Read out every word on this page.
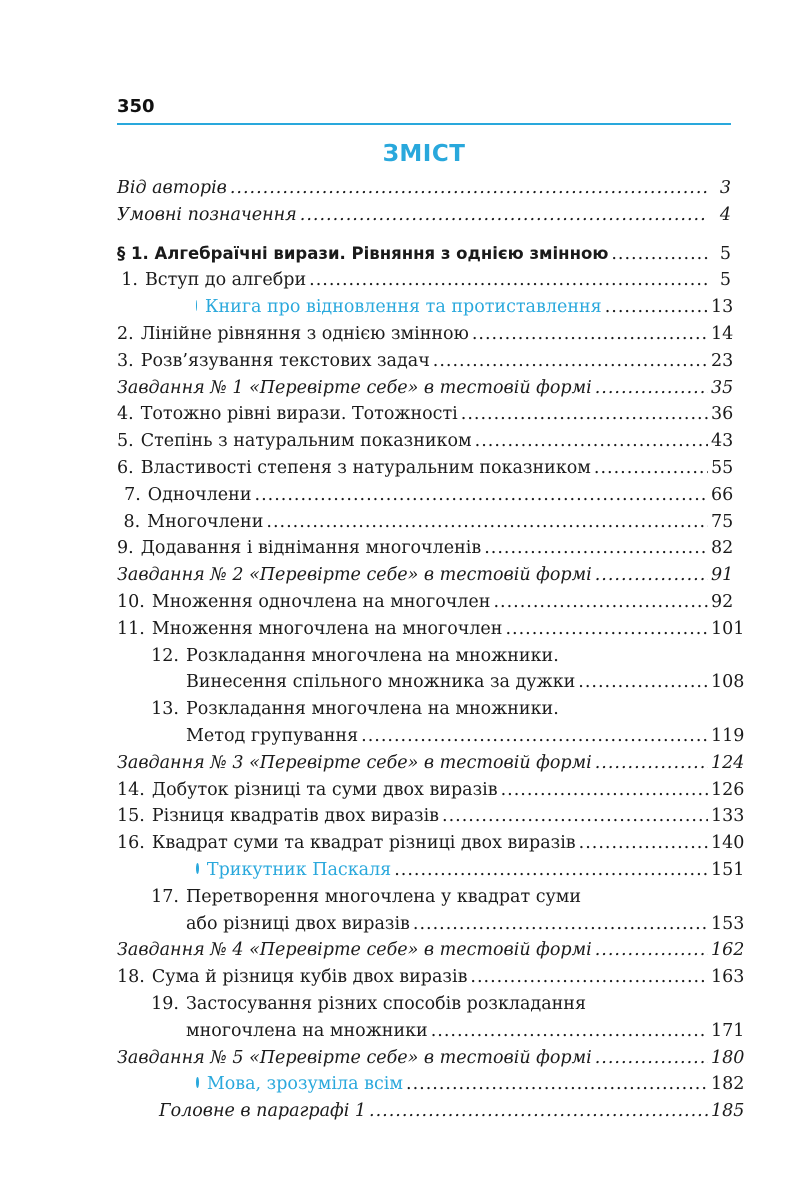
350
ЗМІСТ
Від авторів .....	3
Умовні позначення .....	4
§ 1. Алгебраїчні вирази. Рівняння з однією змінною .....	5
1. Вступ до алгебри .....	5
Книга про відновлення та протиставлення .....	13
2. Лінійне рівняння з однією змінною .....	14
3. Розв’язування текстових задач .....	23
Завдання № 1 «Перевірте себе» в тестовій формі .....	35
4. Тотожно рівні вирази. Тотожності .....	36
5. Степінь з натуральним показником .....	43
6. Властивості степеня з натуральним показником .....	55
7. Одночлени .....	66
8. Многочлени .....	75
9. Додавання і віднімання многочленів .....	82
Завдання № 2 «Перевірте себе» в тестовій формі .....	91
10. Множення одночлена на многочлен .....	92
11. Множення многочлена на многочлен .....	101
12. Розкладання многочлена на множники.
Винесення спільного множника за дужки .....	108
13. Розкладання многочлена на множники.
Метод групування .....	119
Завдання № 3 «Перевірте себе» в тестовій формі .....	124
14. Добуток різниці та суми двох виразів .....	126
15. Різниця квадратів двох виразів .....	133
16. Квадрат суми та квадрат різниці двох виразів .....	140
Трикутник Паскаля .....	151
17. Перетворення многочлена у квадрат суми
або різниці двох виразів .....	153
Завдання № 4 «Перевірте себе» в тестовій формі .....	162
18. Сума й різниця кубів двох виразів .....	163
19. Застосування різних способів розкладання
многочлена на множники .....	171
Завдання № 5 «Перевірте себе» в тестовій формі .....	180
Мова, зрозуміла всім .....	182
Головне в параграфі 1 .....	185
